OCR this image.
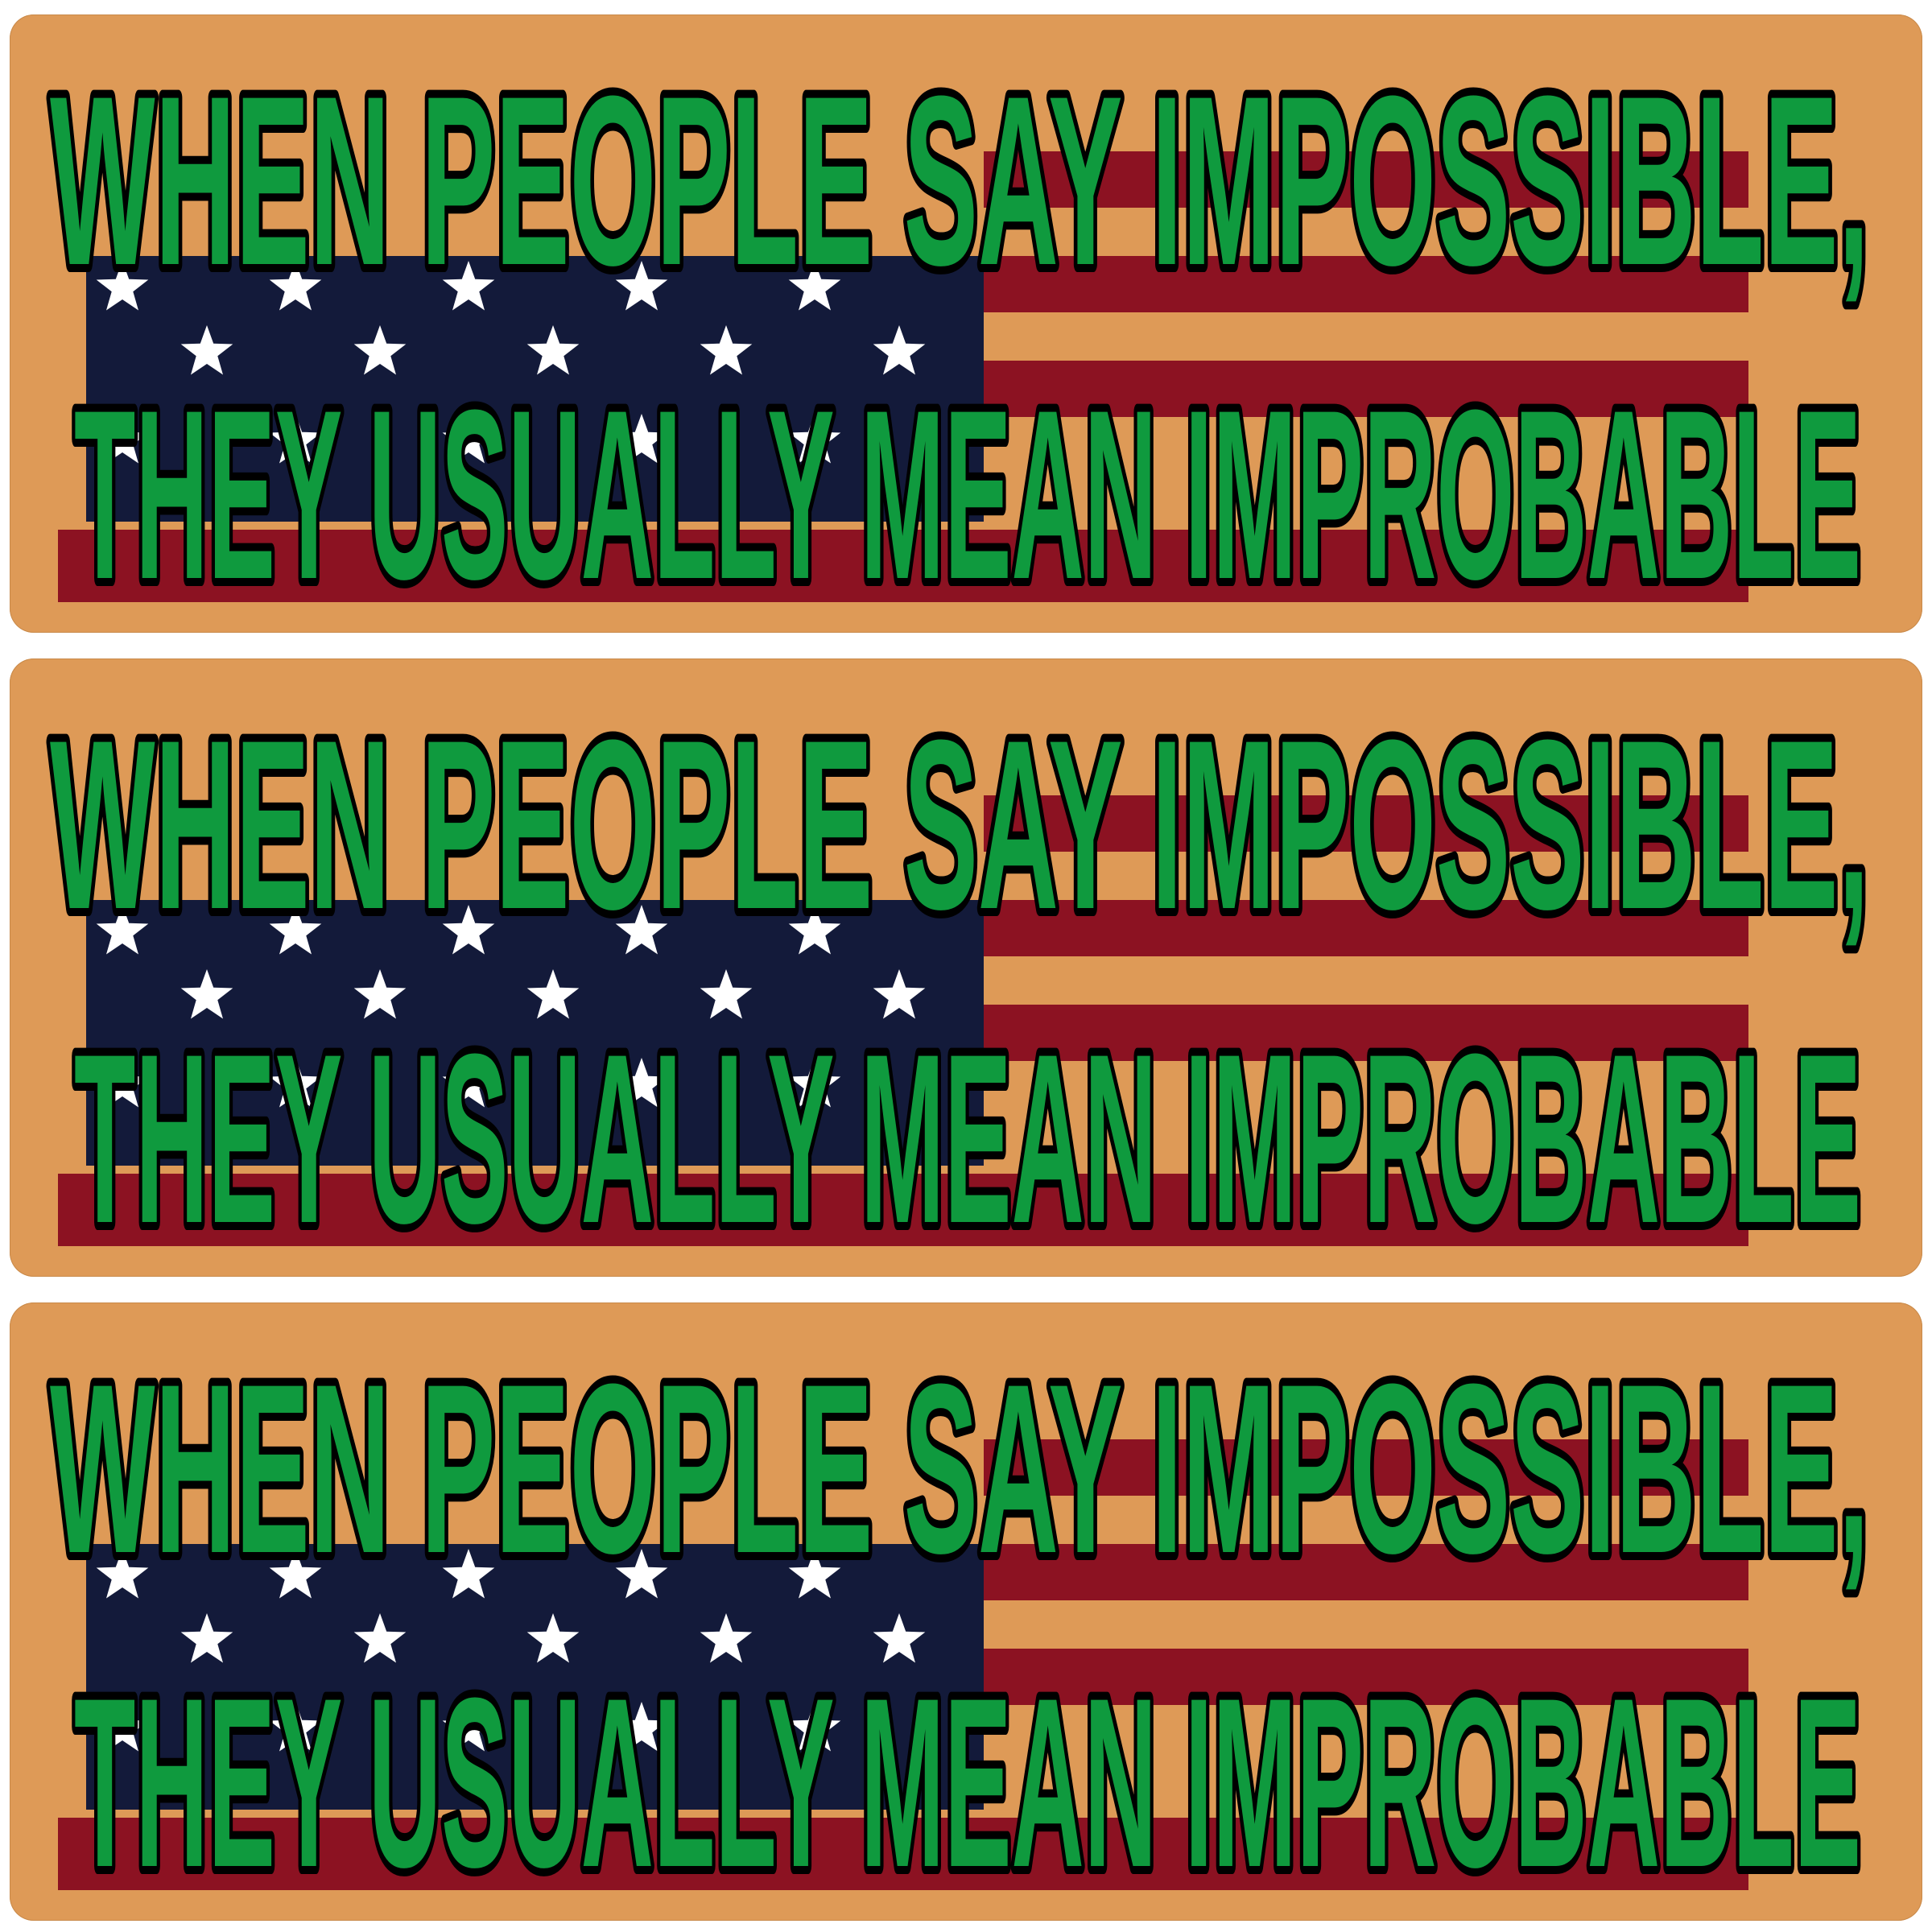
WHEN PEOPLE SAY IMPOSSIBLE,
THEY USUALLY MEAN IMPROBABLE
WHEN PEOPLE SAY IMPOSSIBLE,
THEY USUALLY MEAN IMPROBABLE
WHEN PEOPLE SAY IMPOSSIBLE,
THEY USUALLY MEAN IMPROBABLE
